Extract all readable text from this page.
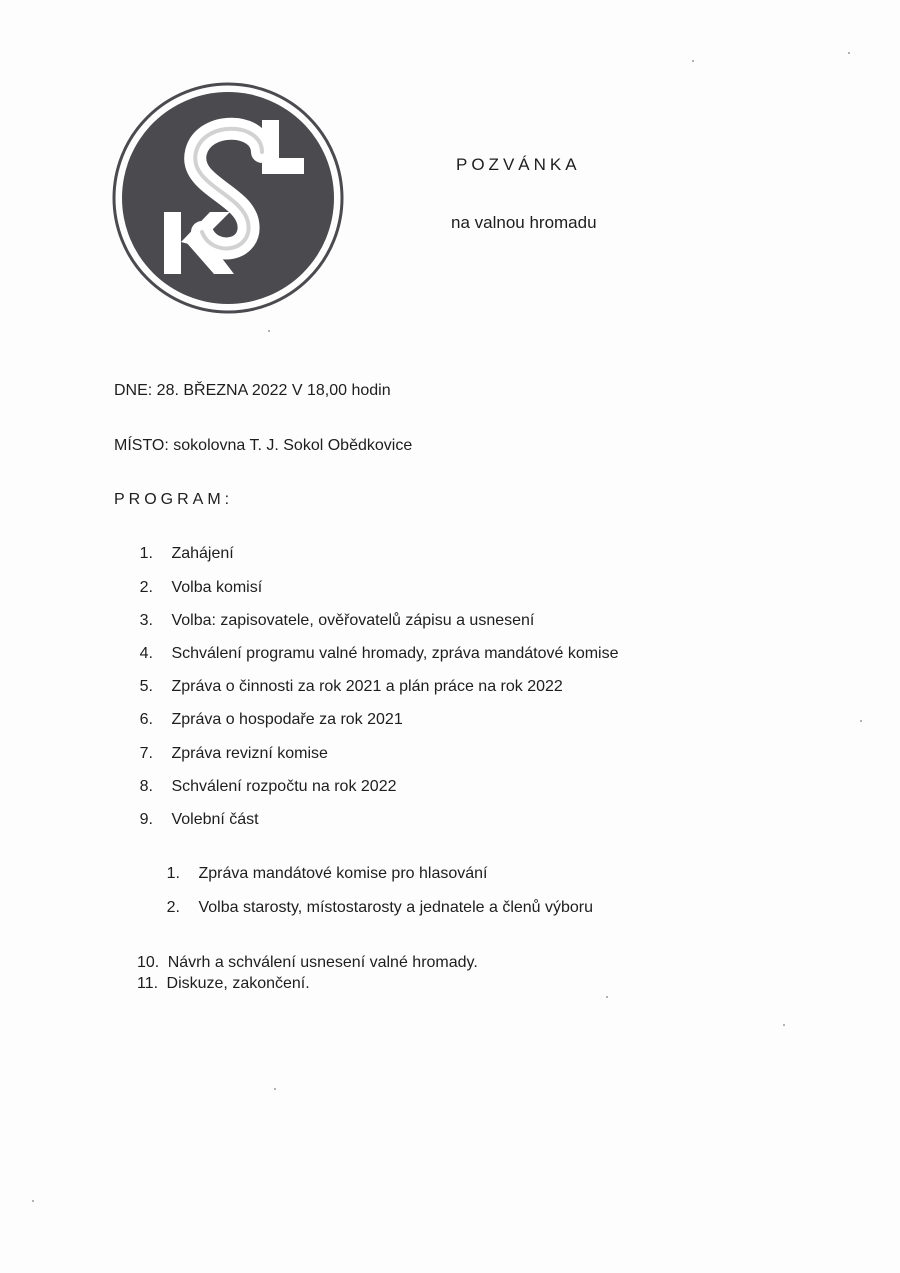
POZVÁNKA
na valnou hromadu
DNE: 28. BŘEZNA 2022 V 18,00 hodin
MÍSTO: sokolovna T. J. Sokol Obědkovice
PROGRAM:
1. Zahájení
2. Volba komisí
3. Volba: zapisovatele, ověřovatelů zápisu a usnesení
4. Schválení programu valné hromady, zpráva mandátové komise
5. Zpráva o činnosti za rok 2021 a plán práce na rok 2022
6. Zpráva o hospodaře za rok 2021
7. Zpráva revizní komise
8. Schválení rozpočtu na rok 2022
9. Volební část
1. Zpráva mandátové komise pro hlasování
2. Volba starosty, místostarosty a jednatele a členů výboru
10. Návrh a schválení usnesení valné hromady.
11. Diskuze, zakončení.
